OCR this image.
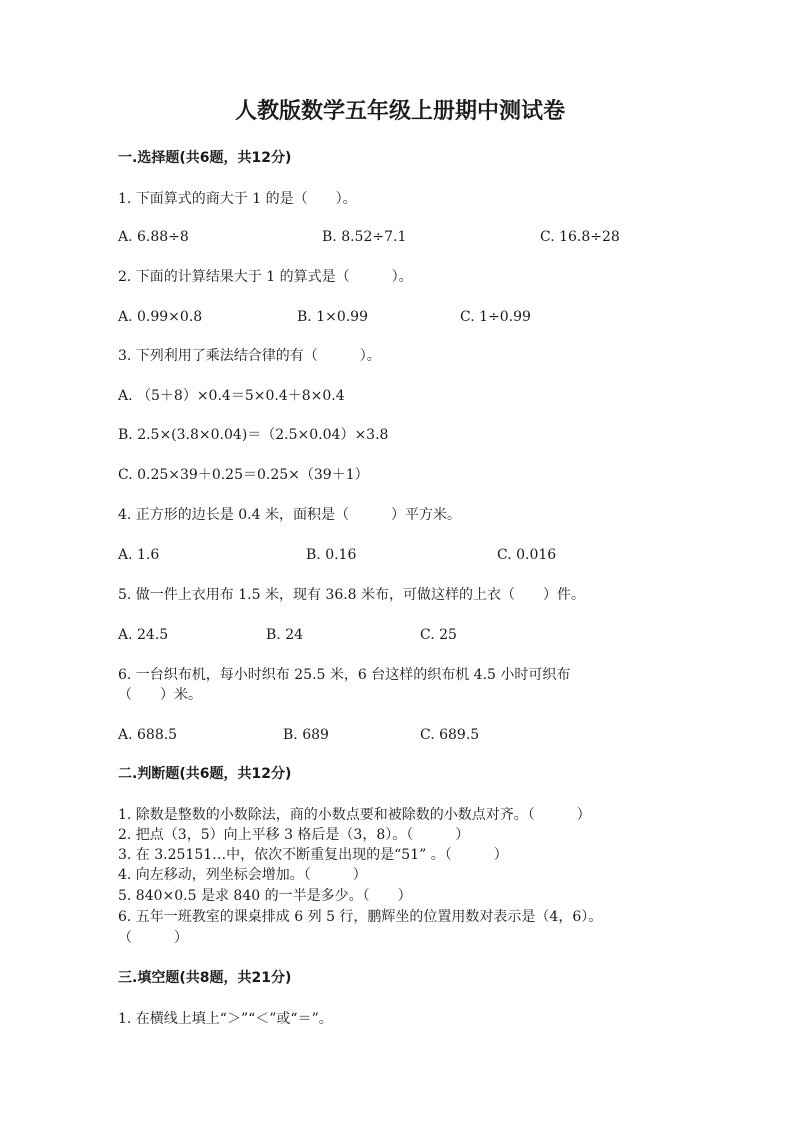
人教版数学五年级上册期中测试卷
一.选择题(共6题，共12分)
1. 下面算式的商大于 1 的是（　　）。
A. 6.88÷8	B. 8.52÷7.1	C. 16.8÷28
2. 下面的计算结果大于 1 的算式是（　　　）。
A. 0.99×0.8	B. 1×0.99	C. 1÷0.99
3. 下列利用了乘法结合律的有（　　　）。
A. （5＋8）×0.4＝5×0.4＋8×0.4
B. 2.5×(3.8×0.04)＝（2.5×0.04）×3.8
C. 0.25×39＋0.25＝0.25×（39＋1）
4. 正方形的边长是 0.4 米，面积是（　　　）平方米。
A. 1.6	B. 0.16	C. 0.016
5. 做一件上衣用布 1.5 米，现有 36.8 米布，可做这样的上衣（　　）件。
A. 24.5	B. 24	C. 25
6. 一台织布机，每小时织布 25.5 米，6 台这样的织布机 4.5 小时可织布
（　　）米。
A. 688.5	B. 689	C. 689.5
二.判断题(共6题，共12分)
1. 除数是整数的小数除法，商的小数点要和被除数的小数点对齐。（　　　）
2. 把点（3，5）向上平移 3 格后是（3，8）。（　　　）
3. 在 3.25151…中，依次不断重复出现的是“51” 。（　　　）
4. 向左移动，列坐标会增加。（　　　）
5. 840×0.5 是求 840 的一半是多少。（　　）
6. 五年一班教室的课桌排成 6 列 5 行，鹏辉坐的位置用数对表示是（4，6）。
（　　　）
三.填空题(共8题，共21分)
1. 在横线上填上“＞”“＜”或“＝”。
